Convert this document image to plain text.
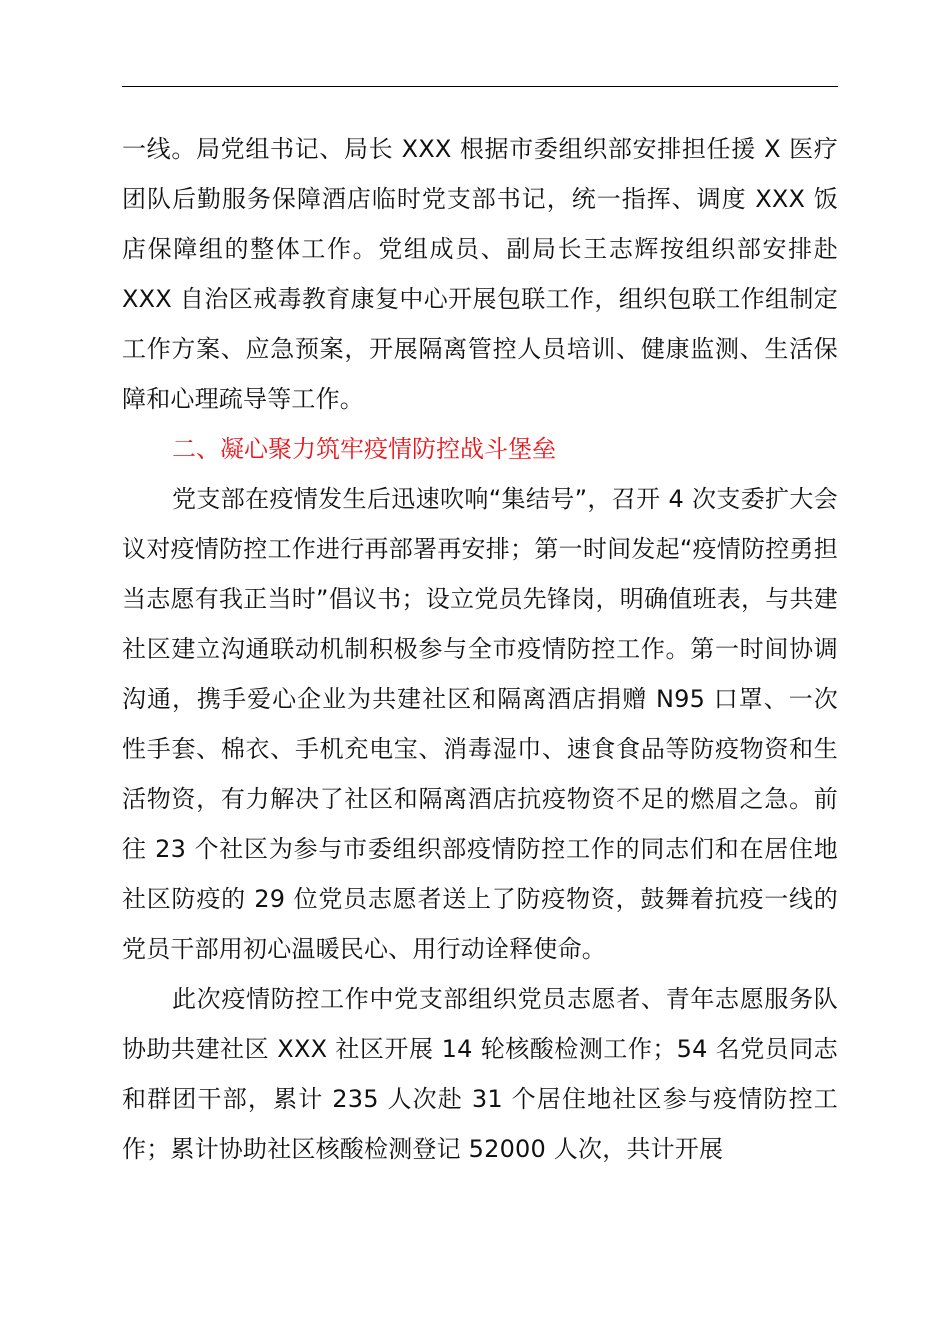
一线。局党组书记、局长 XXX 根据市委组织部安排担任援 X 医疗团队后勤服务保障酒店临时党支部书记，统一指挥、调度 XXX 饭店保障组的整体工作。党组成员、副局长王志辉按组织部安排赴 XXX 自治区戒毒教育康复中心开展包联工作，组织包联工作组制定工作方案、应急预案，开展隔离管控人员培训、健康监测、生活保障和心理疏导等工作。

二、凝心聚力筑牢疫情防控战斗堡垒

党支部在疫情发生后迅速吹响“集结号”，召开 4 次支委扩大会议对疫情防控工作进行再部署再安排；第一时间发起“疫情防控勇担当志愿有我正当时”倡议书；设立党员先锋岗，明确值班表，与共建社区建立沟通联动机制积极参与全市疫情防控工作。第一时间协调沟通，携手爱心企业为共建社区和隔离酒店捐赠 N95 口罩、一次性手套、棉衣、手机充电宝、消毒湿巾、速食食品等防疫物资和生活物资，有力解决了社区和隔离酒店抗疫物资不足的燃眉之急。前往 23 个社区为参与市委组织部疫情防控工作的同志们和在居住地社区防疫的 29 位党员志愿者送上了防疫物资，鼓舞着抗疫一线的党员干部用初心温暖民心、用行动诠释使命。

此次疫情防控工作中党支部组织党员志愿者、青年志愿服务队协助共建社区 XXX 社区开展 14 轮核酸检测工作；54 名党员同志和群团干部，累计 235 人次赴 31 个居住地社区参与疫情防控工作；累计协助社区核酸检测登记 52000 人次，共计开展
